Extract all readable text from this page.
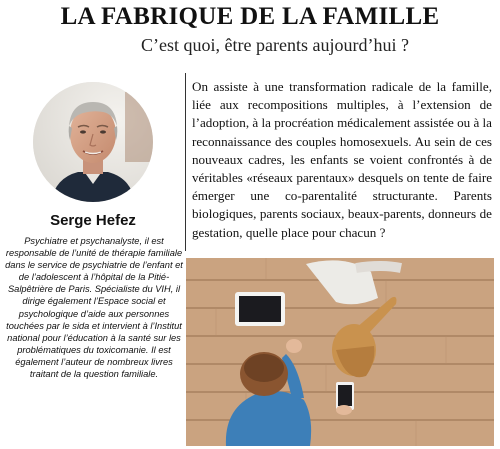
LA FABRIQUE DE LA FAMILLE
C’est quoi, être parents aujourd’hui ?
Serge Hefez
Psychiatre et psychanalyste, il est responsable de l’unité de thérapie familiale dans le service de psychiatrie de l’enfant et de l’adolescent à l’hôpital de la Pitié-Salpêtrière de Paris. Spécialiste du VIH, il dirige également l’Espace social et psychologique d’aide aux personnes touchées par le sida et intervient à l’Institut national pour l’éducation à la santé sur les problématiques du toxicomanie. Il est également l’auteur de nombreux livres traitant de la question familiale.
On assiste à une transformation radicale de la famille, liée aux recompositions multiples, à l’extension de l’adoption, à la procréation médicalement assistée ou à la reconnaissance des couples homosexuels. Au sein de ces nouveaux cadres, les enfants se voient confrontés à de véritables «réseaux parentaux» desquels on tente de faire émerger une co-parentalité structurante. Parents biologiques, parents sociaux, beaux-parents, donneurs de gestation, quelle place pour chacun ?
